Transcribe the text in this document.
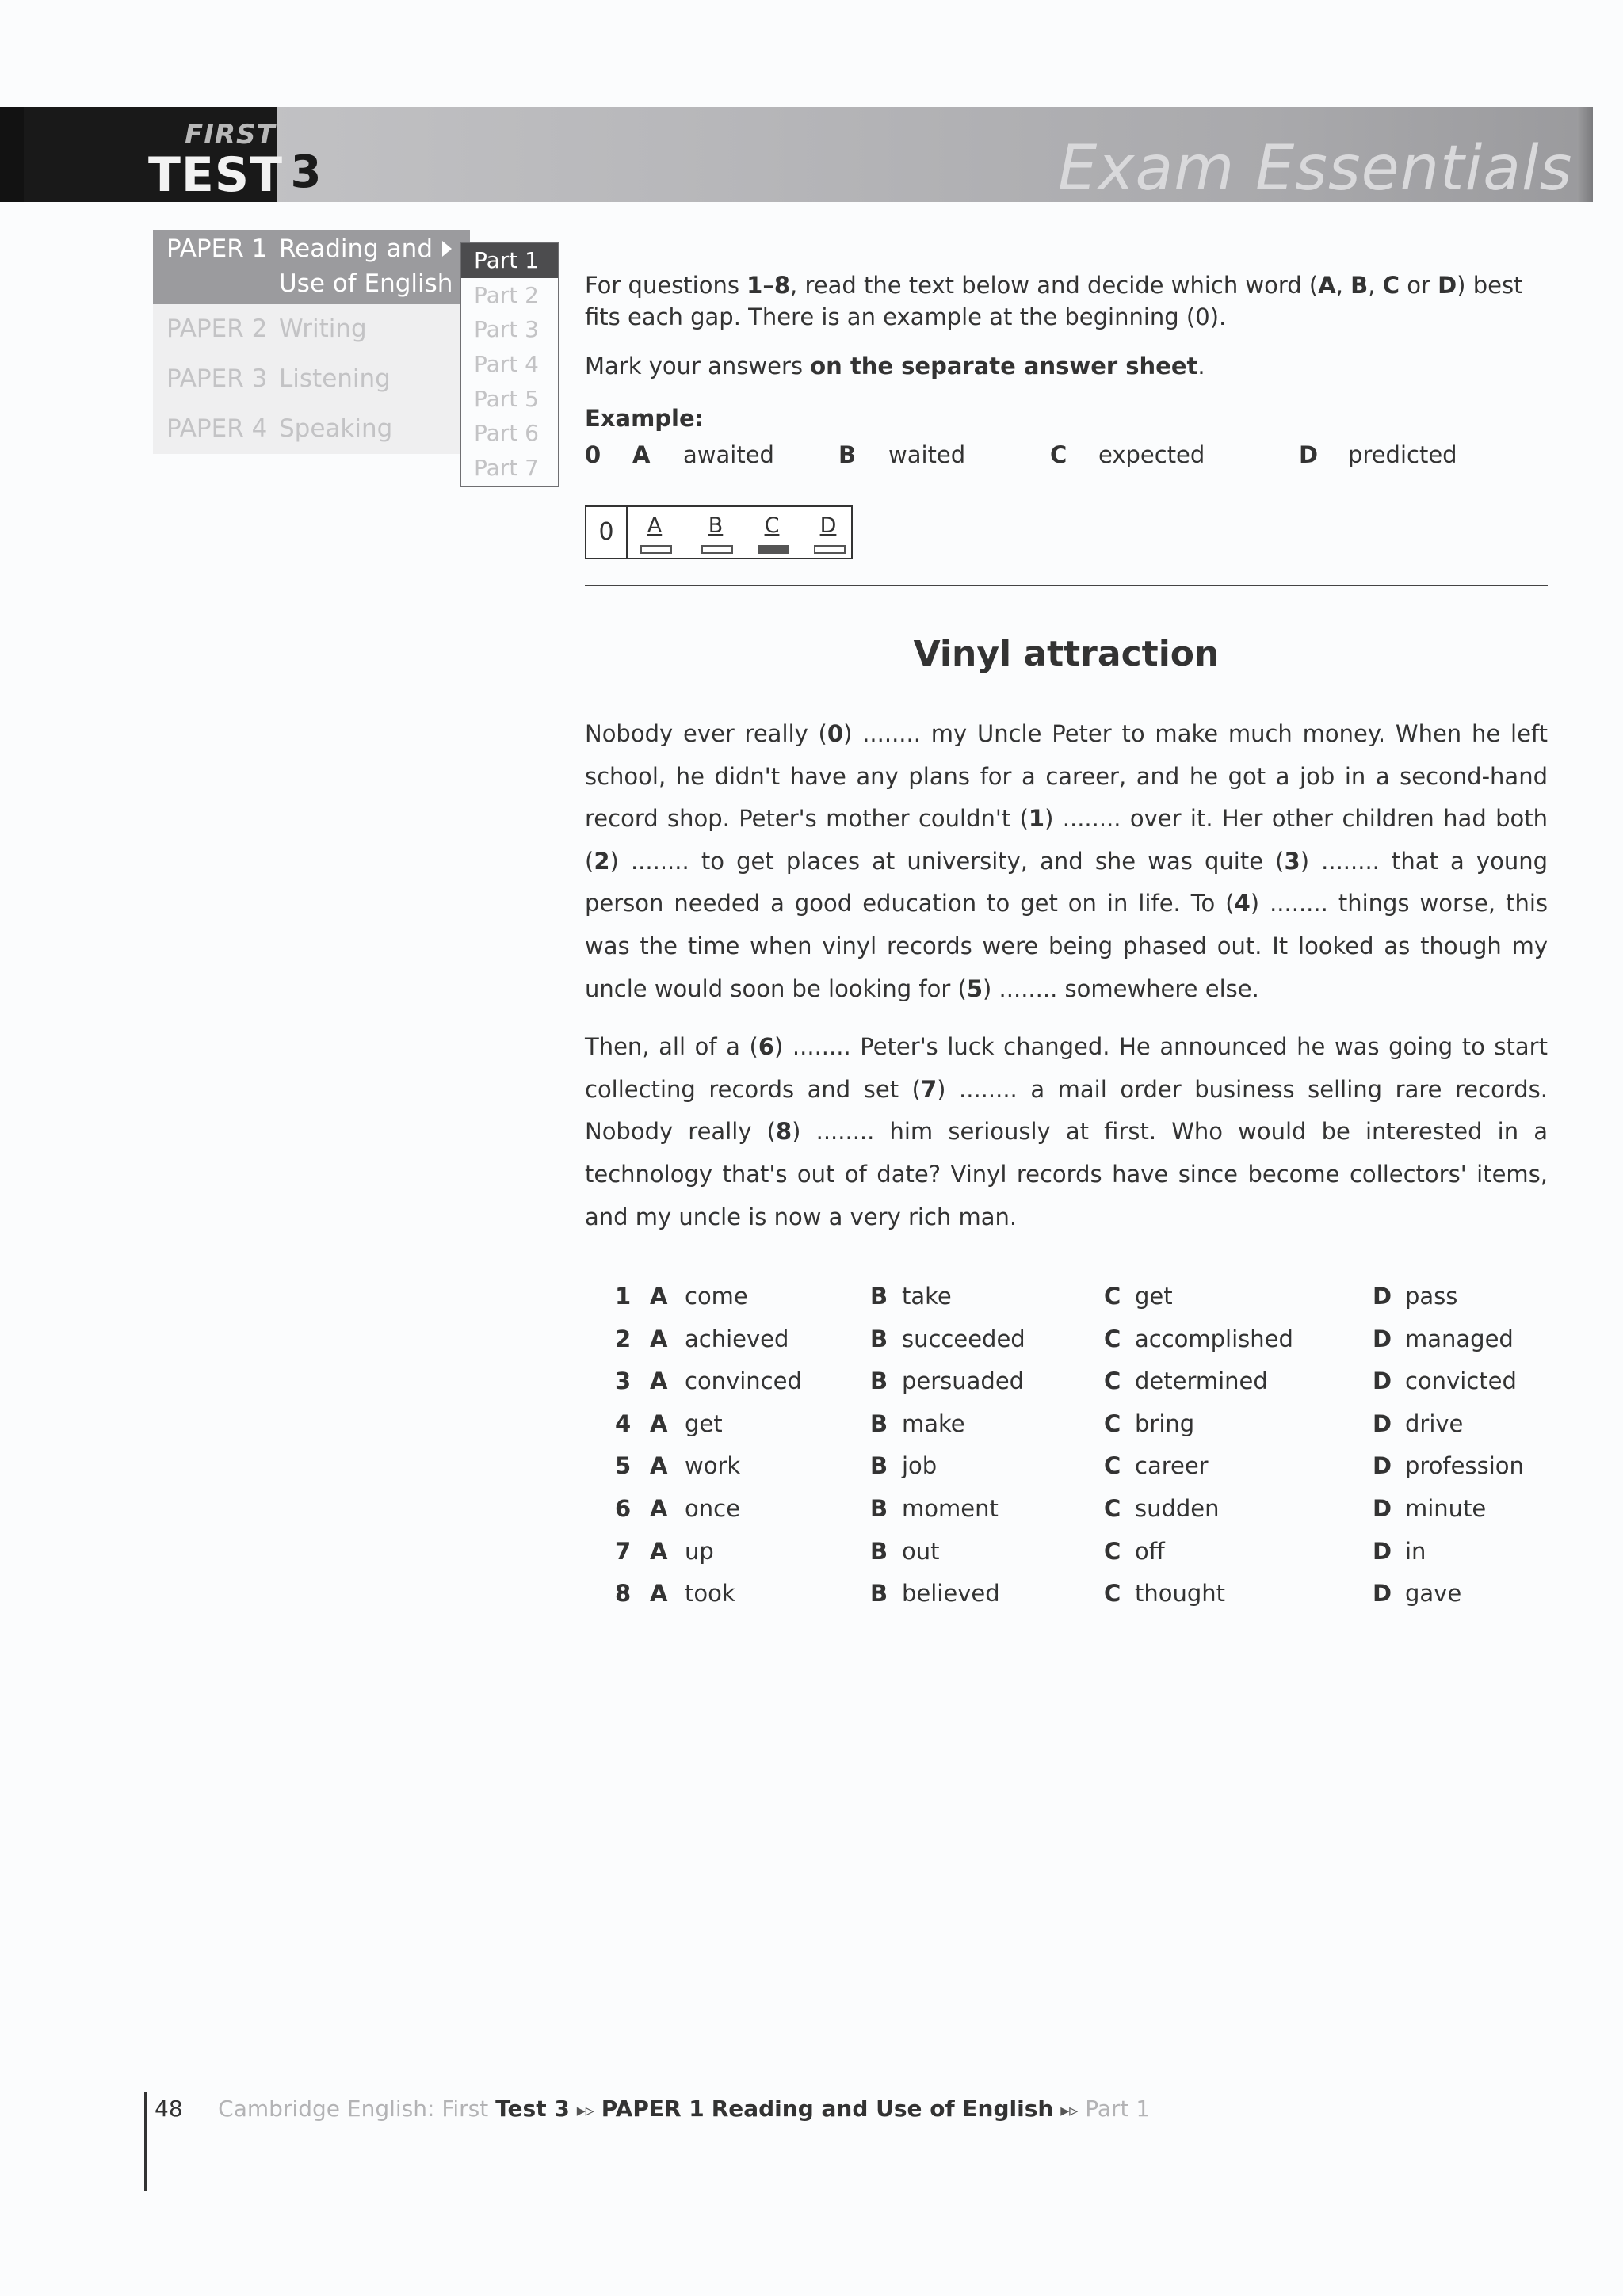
FIRST
TEST 3	Exam Essentials
PAPER 1 Reading and Use of English
PAPER 2 Writing
PAPER 3 Listening
PAPER 4 Speaking
Part 1
Part 2
Part 3
Part 4
Part 5
Part 6
Part 7

For questions 1–8, read the text below and decide which word (A, B, C or D) best fits each gap. There is an example at the beginning (0).

Mark your answers on the separate answer sheet.

Example:
0 A awaited	B waited	C expected	D predicted
0	A	B	C	D
Vinyl attraction

Nobody ever really (0) ........ my Uncle Peter to make much money. When he left school, he didn't have any plans for a career, and he got a job in a second-hand record shop. Peter's mother couldn't (1) ........ over it. Her other children had both (2) ........ to get places at university, and she was quite (3) ........ that a young person needed a good education to get on in life. To (4) ........ things worse, this was the time when vinyl records were being phased out. It looked as though my uncle would soon be looking for (5) ........ somewhere else.

Then, all of a (6) ........ Peter's luck changed. He announced he was going to start collecting records and set (7) ........ a mail order business selling rare records. Nobody really (8) ........ him seriously at first. Who would be interested in a technology that's out of date? Vinyl records have since become collectors' items, and my uncle is now a very rich man.

1 A come	B take	C get	D pass
2 A achieved	B succeeded	C accomplished	D managed
3 A convinced	B persuaded	C determined	D convicted
4 A get	B make	C bring	D drive
5 A work	B job	C career	D profession
6 A once	B moment	C sudden	D minute
7 A up	B out	C off	D in
8 A took	B believed	C thought	D gave
48 Cambridge English: First Test 3 ▸▹ PAPER 1 Reading and Use of English ▸▹ Part 1
